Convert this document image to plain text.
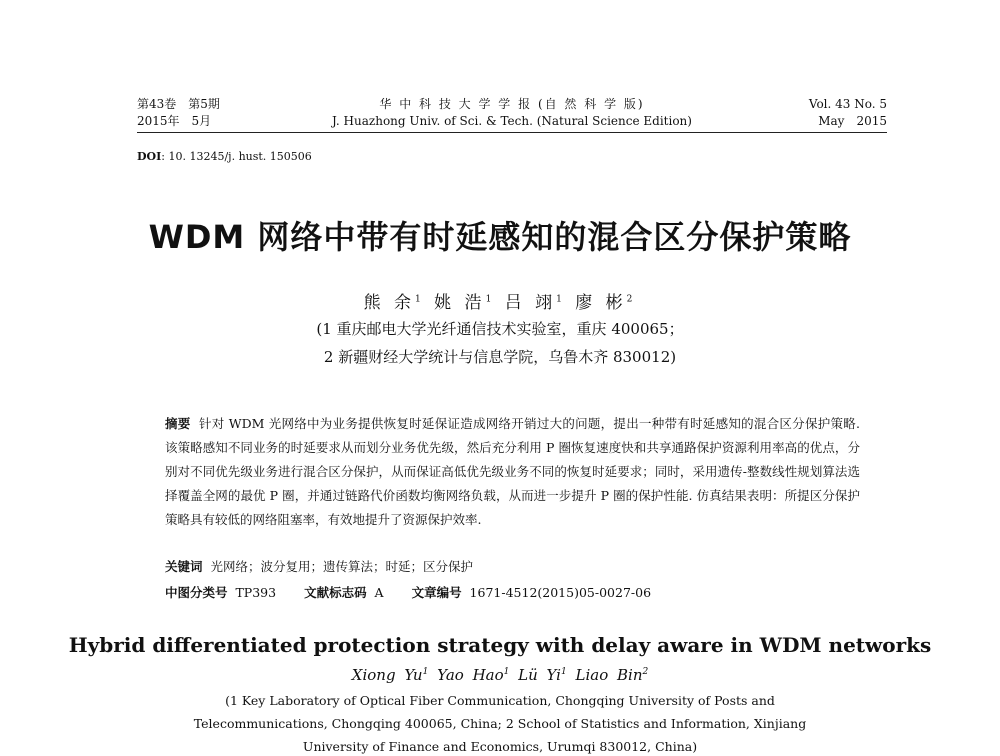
第43卷　第5期	华 中 科 技 大 学 学 报 (自 然 科 学 版)	Vol. 43 No. 5
2015年　5月	J. Huazhong Univ. of Sci. & Tech. (Natural Science Edition)	May　2015
DOI: 10. 13245/j. hust. 150506
WDM 网络中带有时延感知的混合区分保护策略
熊 余$^1$ 姚 浩$^1$ 吕 翊$^1$ 廖 彬$^2$
(1 重庆邮电大学光纤通信技术实验室，重庆 400065；
2 新疆财经大学统计与信息学院，乌鲁木齐 830012)
摘要 针对 WDM 光网络中为业务提供恢复时延保证造成网络开销过大的问题，提出一种带有时延感知的混合区分保护策略. 该策略感知不同业务的时延要求从而划分业务优先级，然后充分利用 P 圈恢复速度快和共享通路保护资源利用率高的优点，分别对不同优先级业务进行混合区分保护，从而保证高低优先级业务不同的恢复时延要求；同时，采用遗传-整数线性规划算法选择覆盖全网的最优 P 圈，并通过链路代价函数均衡网络负载，从而进一步提升 P 圈的保护性能. 仿真结果表明：所提区分保护策略具有较低的网络阻塞率，有效地提升了资源保护效率.
关键词 光网络；波分复用；遗传算法；时延；区分保护
中图分类号 TP393 文献标志码 A 文章编号 1671-4512(2015)05-0027-06
Hybrid differentiated protection strategy with delay aware in WDM networks
Xiong Yu$^1$ Yao Hao$^1$ Lü Yi$^1$ Liao Bin$^2$
(1 Key Laboratory of Optical Fiber Communication, Chongqing University of Posts and
Telecommunications, Chongqing 400065, China; 2 School of Statistics and Information, Xinjiang
University of Finance and Economics, Urumqi 830012, China)
